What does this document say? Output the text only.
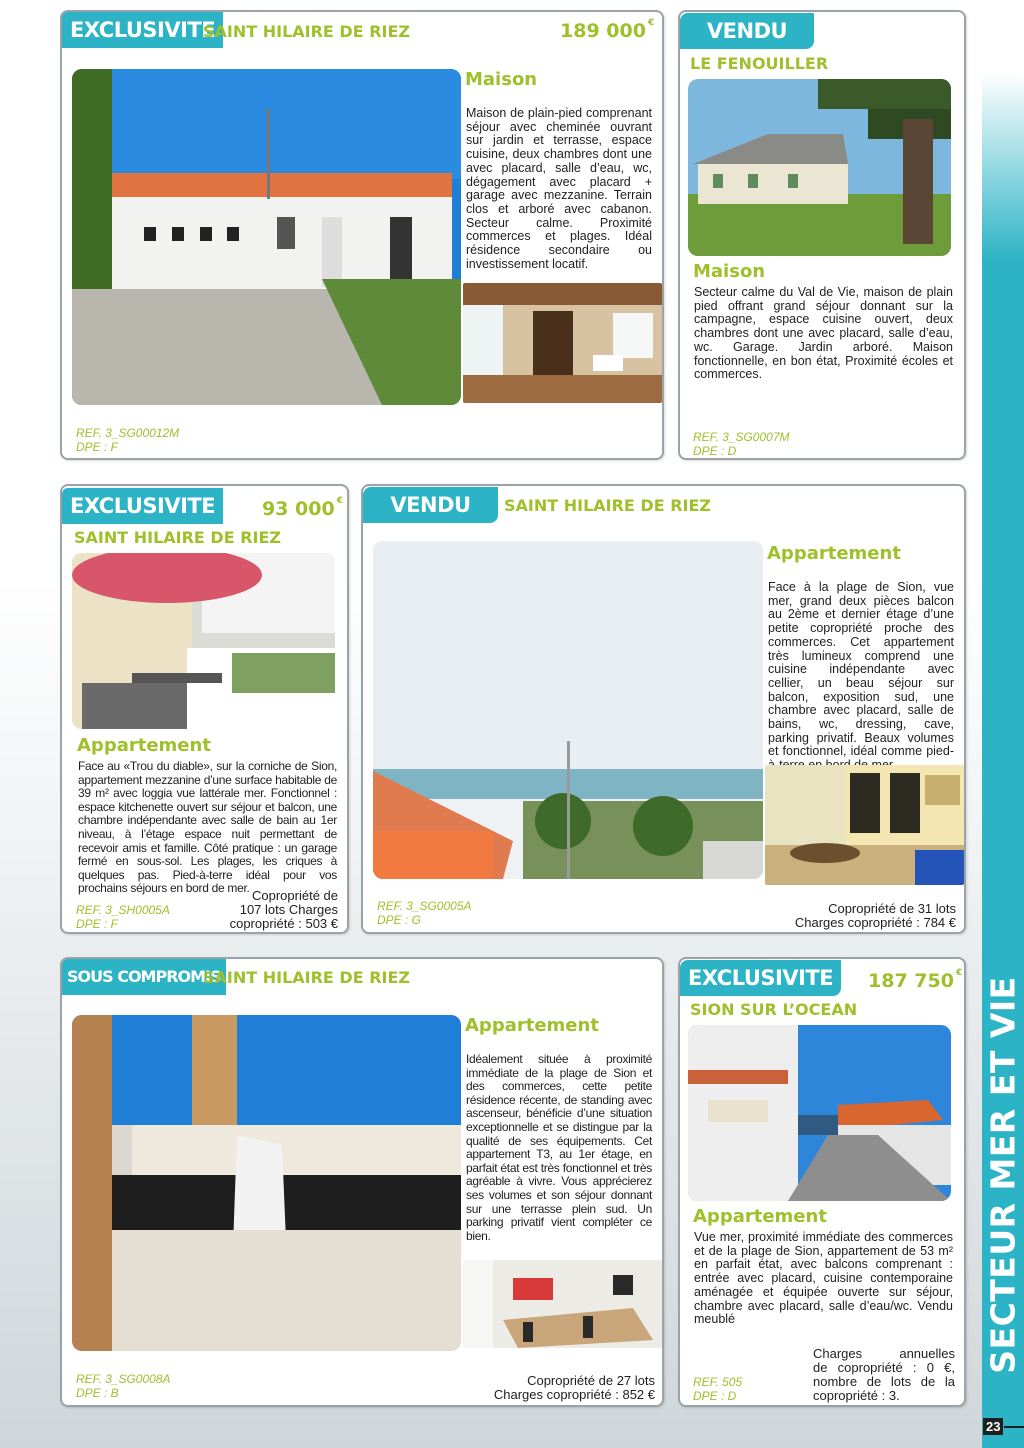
EXCLUSIVITE
SAINT HILAIRE DE RIEZ	189 000 €
Maison
Maison de plain-pied comprenant séjour avec cheminée ouvrant sur jardin et terrasse, espace cuisine, deux chambres dont une avec placard, salle d’eau, wc, dégagement avec placard + garage avec mezzanine. Terrain clos et arboré avec cabanon. Secteur calme. Proximité commerces et plages. Idéal résidence secondaire ou investissement locatif.
REF. 3_SG00012M
DPE : F
VENDU
LE FENOUILLER
Maison
Secteur calme du Val de Vie, maison de plain pied offrant grand séjour donnant sur la campagne, espace cuisine ouvert, deux chambres dont une avec placard, salle d’eau, wc. Garage. Jardin arboré. Maison fonctionnelle, en bon état, Proximité écoles et commerces.
REF. 3_SG0007M
DPE : D
EXCLUSIVITE	93 000 €
SAINT HILAIRE DE RIEZ
Appartement
Face au «Trou du diable», sur la corniche de Sion, appartement mezzanine d’une surface habitable de 39 m² avec loggia vue lattérale mer. Fonctionnel : espace kitchenette ouvert sur séjour et balcon, une chambre indépendante avec salle de bain au 1er niveau, à l’étage espace nuit permettant de recevoir amis et famille. Côté pratique : un garage fermé en sous-sol. Les plages, les criques à quelques pas. Pied-à-terre idéal pour vos prochains séjours en bord de mer.
REF. 3_SH0005A
DPE : F
Copropriété de
107 lots Charges
copropriété : 503 €
VENDU	SAINT HILAIRE DE RIEZ
Appartement
Face à la plage de Sion, vue mer, grand deux pièces balcon au 2ème et dernier étage d’une petite copropriété proche des commerces. Cet appartement très lumineux comprend une cuisine indépendante avec cellier, un beau séjour sur balcon, exposition sud, une chambre avec placard, salle de bains, wc, dressing, cave, parking privatif. Beaux volumes et fonctionnel, idéal comme pied-
REF. 3_SG0005A
DPE : G
Copropriété de 31 lots
Charges copropriété : 784 €
SOUS COMPROMIS
SAINT HILAIRE DE RIEZ
Appartement
Idéalement située à proximité immédiate de la plage de Sion et des commerces, cette petite résidence récente, de standing avec ascenseur, bénéficie d’une situation exceptionnelle et se distingue par la qualité de ses équipements. Cet appartement T3, au 1er étage, en parfait état est très fonctionnel et très agréable à vivre. Vous apprécierez ses volumes et son séjour donnant sur une terrasse plein sud. Un parking privatif vient compléter ce bien.
REF. 3_SG0008A
DPE : B
Copropriété de 27 lots
Charges copropriété : 852 €
EXCLUSIVITE	187 750 €
SION SUR L’OCEAN
Appartement
Vue mer, proximité immédiate des commerces et de la plage de Sion, appartement de 53 m² en parfait état, avec balcons comprenant : entrée avec placard, cuisine contemporaine aménagée et équipée ouverte sur séjour, chambre avec placard, salle d’eau/wc. Vendu meublé
REF. 505
DPE : D
Charges annuelles
de copropriété : 0 €,
nombre de lots de la
copropriété : 3.
SECTEUR MER ET VIE
23
